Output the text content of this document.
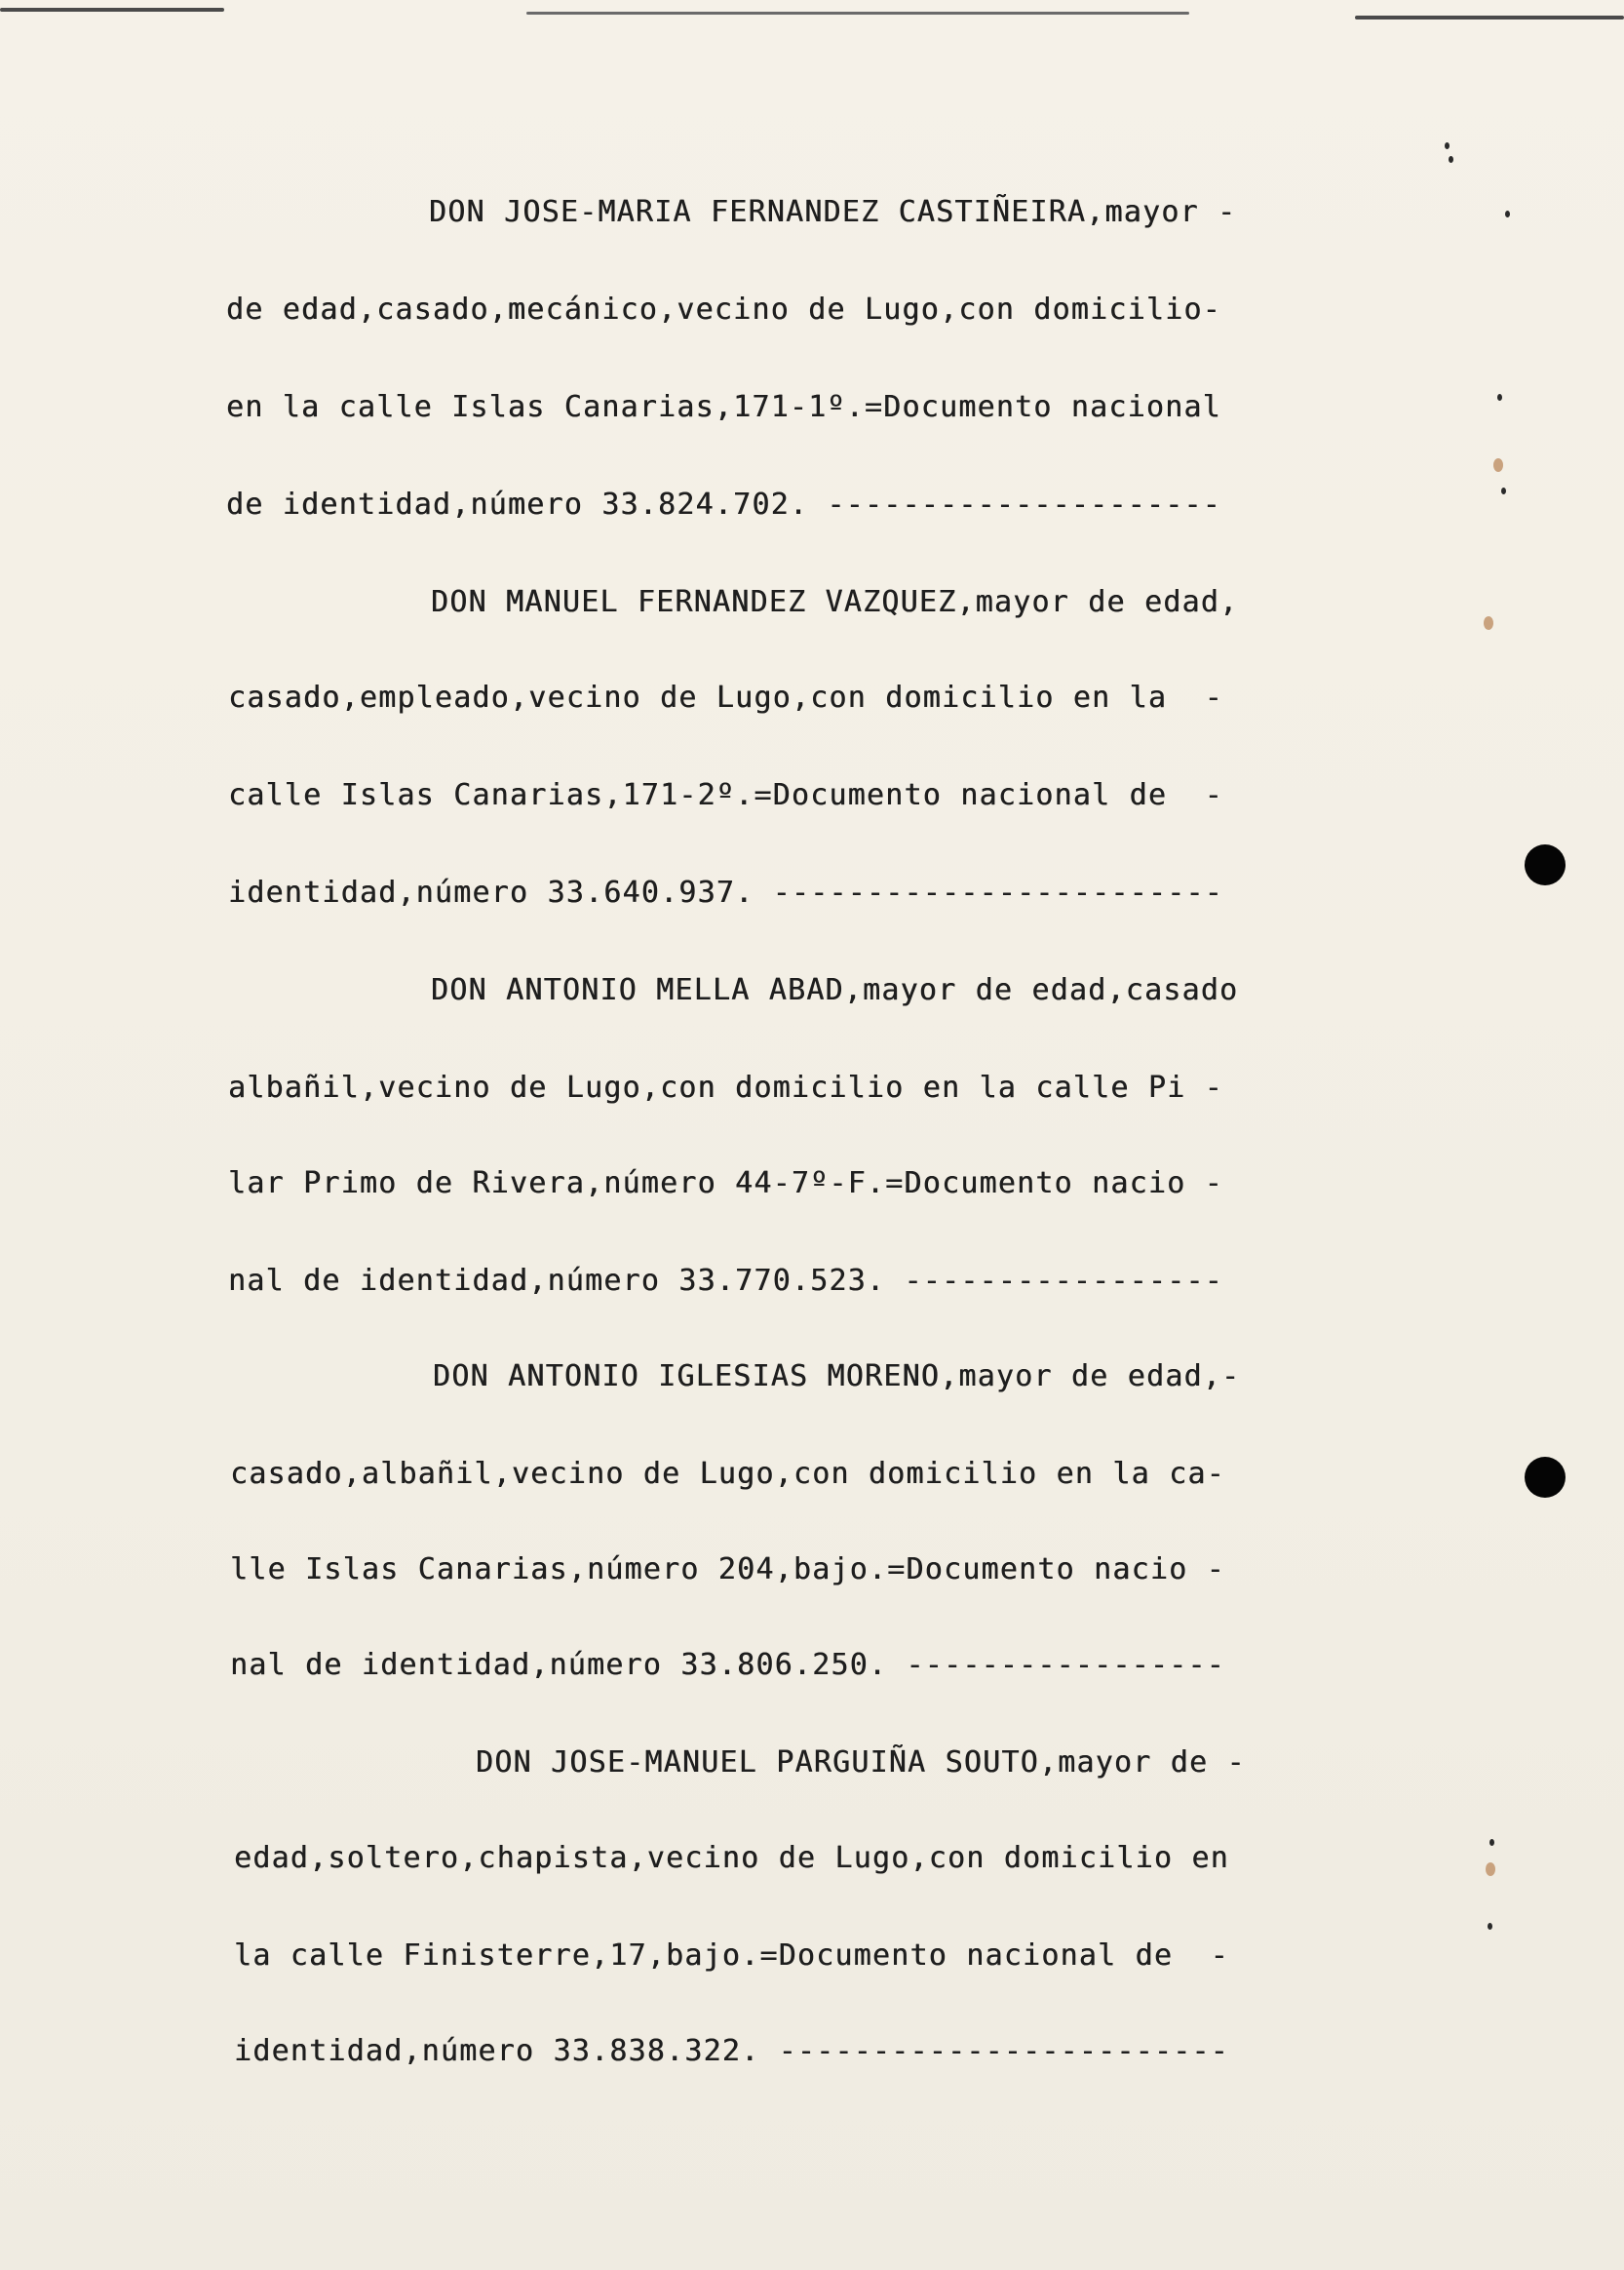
DON JOSE-MARIA FERNANDEZ CASTIÑEIRA,mayor -
de edad,casado,mecánico,vecino de Lugo,con domicilio-
en la calle Islas Canarias,171-1º.=Documento nacional
de identidad,número 33.824.702. ---------------------
DON MANUEL FERNANDEZ VAZQUEZ,mayor de edad,
casado,empleado,vecino de Lugo,con domicilio en la  -
calle Islas Canarias,171-2º.=Documento nacional de  -
identidad,número 33.640.937. ------------------------
DON ANTONIO MELLA ABAD,mayor de edad,casado
albañil,vecino de Lugo,con domicilio en la calle Pi -
lar Primo de Rivera,número 44-7º-F.=Documento nacio -
nal de identidad,número 33.770.523. -----------------
DON ANTONIO IGLESIAS MORENO,mayor de edad,-
casado,albañil,vecino de Lugo,con domicilio en la ca-
lle Islas Canarias,número 204,bajo.=Documento nacio -
nal de identidad,número 33.806.250. -----------------
DON JOSE-MANUEL PARGUIÑA SOUTO,mayor de -
edad,soltero,chapista,vecino de Lugo,con domicilio en
la calle Finisterre,17,bajo.=Documento nacional de  -
identidad,número 33.838.322. ------------------------
